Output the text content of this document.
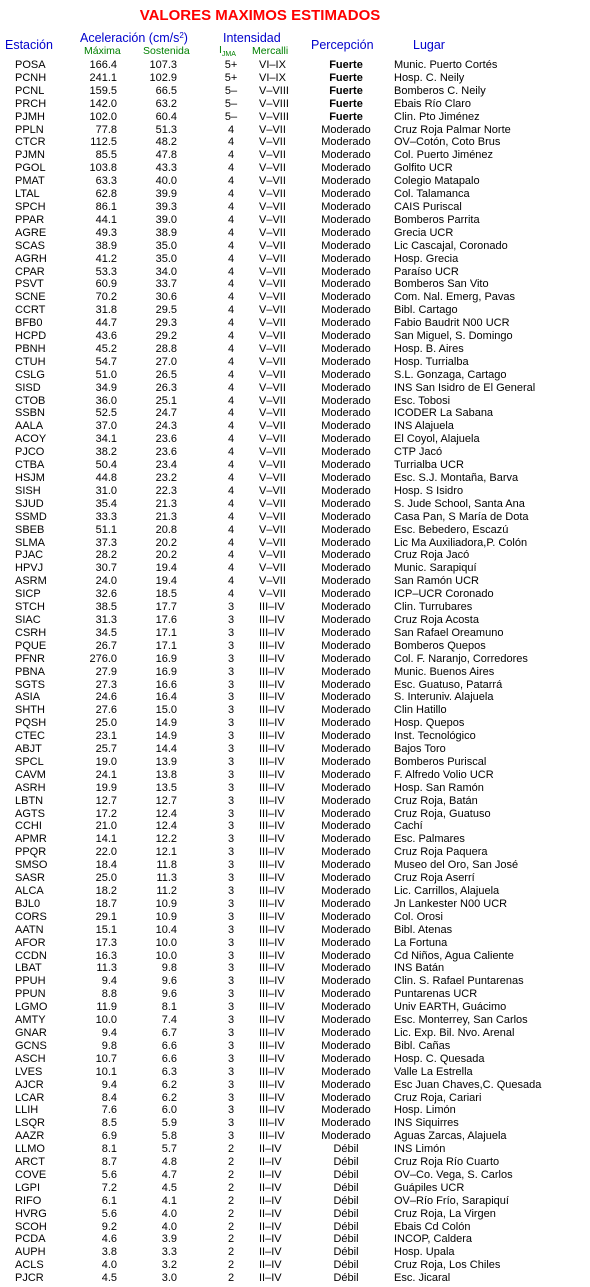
VALORES MAXIMOS ESTIMADOS
Estación Aceleración $(cm/s^2)$
Máxima Sostenida
Intensidad
$I_{JMA}$ Mercalli Percepción	Lugar
POSA	166.4	107.3	5+ VI–IX	Fuerte	Munic. Puerto Cortés
PCNH	241.1	102.9	5+ VI–IX	Fuerte	Hosp. C. Neily
PCNL	159.5	66.5	5– V–VIII	Fuerte	Bomberos C. Neily
PRCH	142.0	63.2	5– V–VIII	Fuerte	Ebais Río Claro
PJMH	102.0	60.4	5– V–VIII	Fuerte	Clin. Pto Jiménez
PPLN	77.8	51.3	4	V–VII	Moderado	Cruz Roja Palmar Norte
CTCR	112.5	48.2	4	V–VII	Moderado	OV–Cotón, Coto Brus
PJMN	85.5	47.8	4	V–VII	Moderado	Col. Puerto Jiménez
PGOL	103.8	43.3	4	V–VII	Moderado	Golfito UCR
PMAT	63.3	40.0	4	V–VII	Moderado	Colegio Matapalo
LTAL	62.8	39.9	4	V–VII	Moderado	Col. Talamanca
SPCH	86.1	39.3	4	V–VII	Moderado	CAIS Puriscal
PPAR	44.1	39.0	4	V–VII	Moderado	Bomberos Parrita
AGRE	49.3	38.9	4	V–VII	Moderado	Grecia UCR
SCAS	38.9	35.0	4	V–VII	Moderado	Lic Cascajal, Coronado
AGRH	41.2	35.0	4	V–VII	Moderado	Hosp. Grecia
CPAR	53.3	34.0	4	V–VII	Moderado	Paraíso UCR
PSVT	60.9	33.7	4	V–VII	Moderado	Bomberos San Vito
SCNE	70.2	30.6	4	V–VII	Moderado	Com. Nal. Emerg, Pavas
CCRT	31.8	29.5	4	V–VII	Moderado	Bibl. Cartago
BFB0	44.7	29.3	4	V–VII	Moderado	Fabio Baudrit N00 UCR
HCPD	43.6	29.2	4	V–VII	Moderado	San Miguel, S. Domingo
PBNH	45.2	28.8	4	V–VII	Moderado	Hosp. B. Aires
CTUH	54.7	27.0	4	V–VII	Moderado	Hosp. Turrialba
CSLG	51.0	26.5	4	V–VII	Moderado	S.L. Gonzaga, Cartago
SISD	34.9	26.3	4	V–VII	Moderado	INS San Isidro de El General
CTOB	36.0	25.1	4	V–VII	Moderado	Esc. Tobosi
SSBN	52.5	24.7	4	V–VII	Moderado	ICODER La Sabana
AALA	37.0	24.3	4	V–VII	Moderado	INS Alajuela
ACOY	34.1	23.6	4	V–VII	Moderado	El Coyol, Alajuela
PJCO	38.2	23.6	4	V–VII	Moderado	CTP Jacó
CTBA	50.4	23.4	4	V–VII	Moderado	Turrialba UCR
HSJM	44.8	23.2	4	V–VII	Moderado	Esc. S.J. Montaña, Barva
SISH	31.0	22.3	4	V–VII	Moderado	Hosp. S Isidro
SJUD	35.4	21.3	4	V–VII	Moderado	S. Jude School, Santa Ana
SSMD	33.3	21.3	4	V–VII	Moderado	Casa Pan, S María de Dota
SBEB	51.1	20.8	4	V–VII	Moderado	Esc. Bebedero, Escazú
SLMA	37.3	20.2	4	V–VII	Moderado	Lic Ma Auxiliadora,P. Colón
PJAC	28.2	20.2	4	V–VII	Moderado	Cruz Roja Jacó
HPVJ	30.7	19.4	4	V–VII	Moderado	Munic. Sarapiquí
ASRM	24.0	19.4	4	V–VII	Moderado	San Ramón UCR
SICP	32.6	18.5	4	V–VII	Moderado	ICP–UCR Coronado
STCH	38.5	17.7	3	III–IV	Moderado	Clin. Turrubares
SIAC	31.3	17.6	3	III–IV	Moderado	Cruz Roja Acosta
CSRH	34.5	17.1	3	III–IV	Moderado	San Rafael Oreamuno
PQUE	26.7	17.1	3	III–IV	Moderado	Bomberos Quepos
PFNR	276.0	16.9	3	III–IV	Moderado	Col. F. Naranjo, Corredores
PBNA	27.9	16.9	3	III–IV	Moderado	Munic. Buenos Aires
SGTS	27.3	16.6	3	III–IV	Moderado	Esc. Guatuso, Patarrá
ASIA	24.6	16.4	3	III–IV	Moderado	S. Interuniv. Alajuela
SHTH	27.6	15.0	3	III–IV	Moderado	Clin Hatillo
PQSH	25.0	14.9	3	III–IV	Moderado	Hosp. Quepos
CTEC	23.1	14.9	3	III–IV	Moderado	Inst. Tecnológico
ABJT	25.7	14.4	3	III–IV	Moderado	Bajos Toro
SPCL	19.0	13.9	3	III–IV	Moderado	Bomberos Puriscal
CAVM	24.1	13.8	3	III–IV	Moderado	F. Alfredo Volio UCR
ASRH	19.9	13.5	3	III–IV	Moderado	Hosp. San Ramón
LBTN	12.7	12.7	3	III–IV	Moderado	Cruz Roja, Batán
AGTS	17.2	12.4	3	III–IV	Moderado	Cruz Roja, Guatuso
CCHI	21.0	12.4	3	III–IV	Moderado	Cachí
APMR	14.1	12.2	3	III–IV	Moderado	Esc. Palmares
PPQR	22.0	12.1	3	III–IV	Moderado	Cruz Roja Paquera
SMSO	18.4	11.8	3	III–IV	Moderado	Museo del Oro, San José
SASR	25.0	11.3	3	III–IV	Moderado	Cruz Roja Aserrí
ALCA	18.2	11.2	3	III–IV	Moderado	Lic. Carrillos, Alajuela
BJL0	18.7	10.9	3	III–IV	Moderado	Jn Lankester N00 UCR
CORS	29.1	10.9	3	III–IV	Moderado	Col. Orosi
AATN	15.1	10.4	3	III–IV	Moderado	Bibl. Atenas
AFOR	17.3	10.0	3	III–IV	Moderado	La Fortuna
CCDN	16.3	10.0	3	III–IV	Moderado	Cd Niños, Agua Caliente
LBAT	11.3	9.8	3	III–IV	Moderado	INS Batán
PPUH	9.4	9.6	3	III–IV	Moderado	Clin. S. Rafael Puntarenas
PPUN	8.8	9.6	3	III–IV	Moderado	Puntarenas UCR
LGMO	11.9	8.1	3	III–IV	Moderado	Univ EARTH, Guácimo
AMTY	10.0	7.4	3	III–IV	Moderado	Esc. Monterrey, San Carlos
GNAR	9.4	6.7	3	III–IV	Moderado	Lic. Exp. Bil. Nvo. Arenal
GCNS	9.8	6.6	3	III–IV	Moderado	Bibl. Cañas
ASCH	10.7	6.6	3	III–IV	Moderado	Hosp. C. Quesada
LVES	10.1	6.3	3	III–IV	Moderado	Valle La Estrella
AJCR	9.4	6.2	3	III–IV	Moderado	Esc Juan Chaves,C. Quesada
LCAR	8.4	6.2	3	III–IV	Moderado	Cruz Roja, Cariari
LLIH	7.6	6.0	3	III–IV	Moderado	Hosp. Limón
LSQR	8.5	5.9	3	III–IV	Moderado	INS Siquirres
AAZR	6.9	5.8	3	III–IV	Moderado	Aguas Zarcas, Alajuela
LLMO	8.1	5.7	2	II–IV	Débil	INS Limón
ARCT	8.7	4.8	2	II–IV	Débil	Cruz Roja Río Cuarto
COVE	5.6	4.7	2	II–IV	Débil	OV–Co. Vega, S. Carlos
LGPI	7.2	4.5	2	II–IV	Débil	Guápiles UCR
RIFO	6.1	4.1	2	II–IV	Débil	OV–Río Frío, Sarapiquí
HVRG	5.6	4.0	2	II–IV	Débil	Cruz Roja, La Virgen
SCOH	9.2	4.0	2	II–IV	Débil	Ebais Cd Colón
PCDA	4.6	3.9	2	II–IV	Débil	INCOP, Caldera
AUPH	3.8	3.3	2	II–IV	Débil	Hosp. Upala
ACLS	4.0	3.2	2	II–IV	Débil	Cruz Roja, Los Chiles
PJCR	4.5	3.0	2	II–IV	Débil	Esc. Jicaral
